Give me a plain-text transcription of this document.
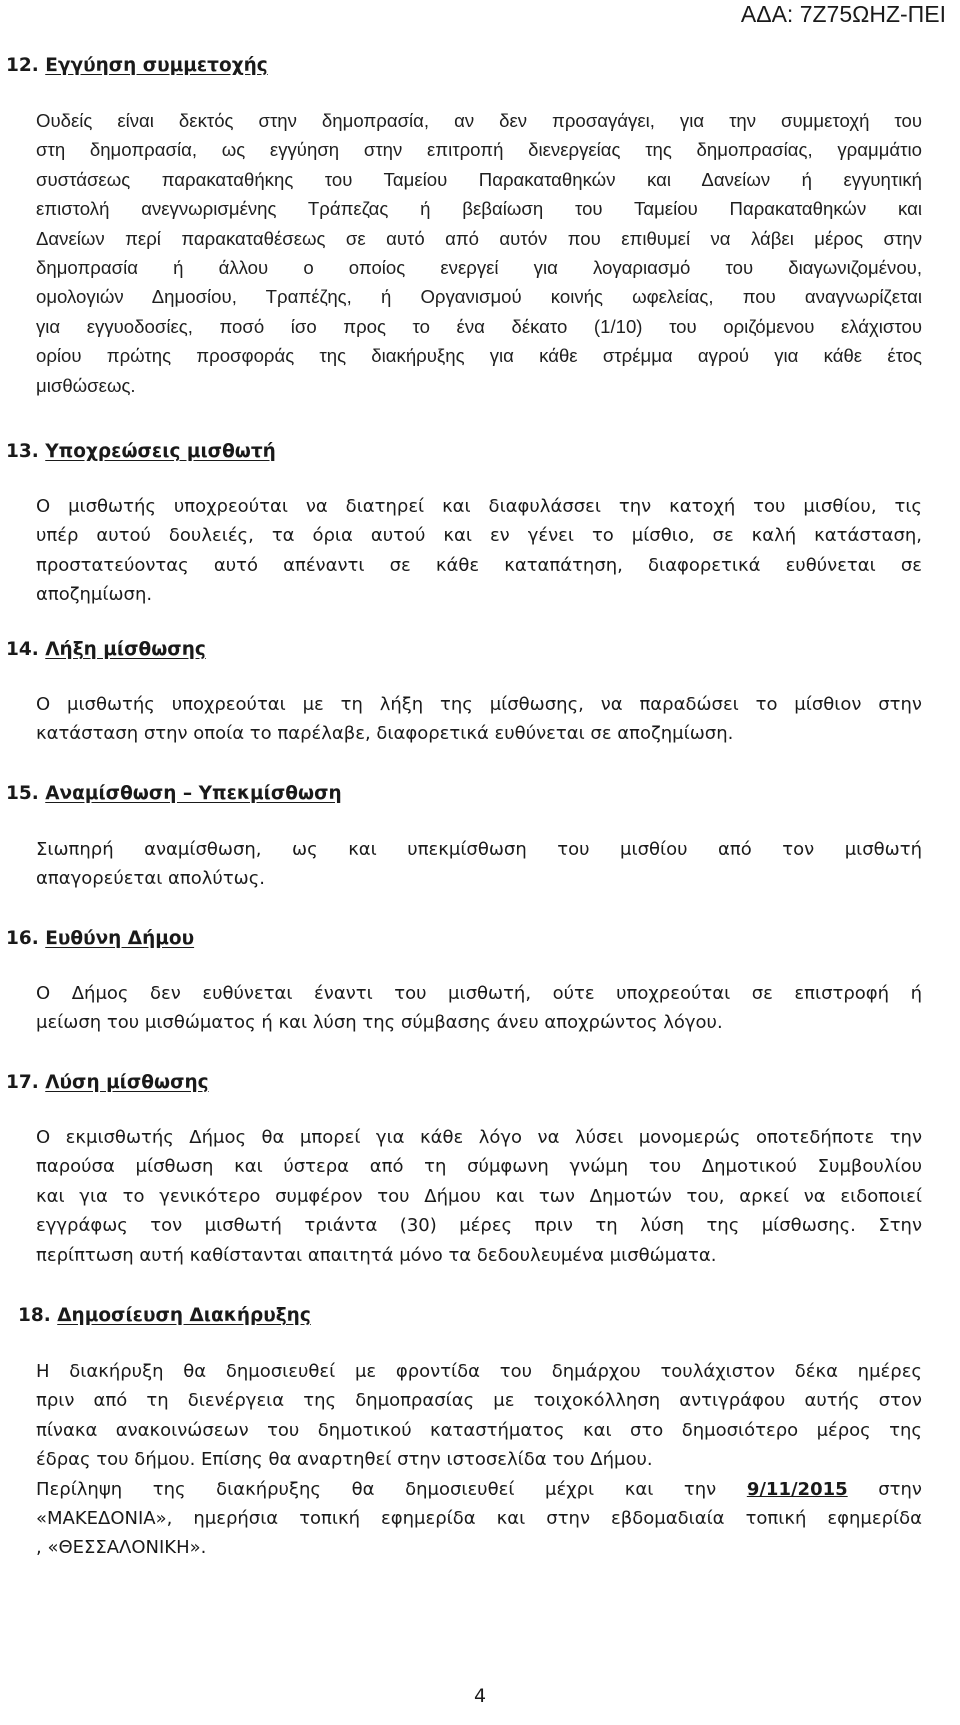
ΑΔΑ: 7Ζ75ΩΗΖ-ΠΕΙ
12. Εγγύηση συμμετοχής
Ουδείς είναι δεκτός στην δημοπρασία, αν δεν προσαγάγει, για την συμμετοχή του
στη δημοπρασία, ως εγγύηση στην επιτροπή διενεργείας της δημοπρασίας, γραμμάτιο
συστάσεως παρακαταθήκης του Ταμείου Παρακαταθηκών και Δανείων ή εγγυητική
επιστολή ανεγνωρισμένης Τράπεζας ή βεβαίωση του Ταμείου Παρακαταθηκών και
Δανείων περί παρακαταθέσεως σε αυτό από αυτόν που επιθυμεί να λάβει μέρος στην
δημοπρασία ή άλλου ο οποίος ενεργεί για λογαριασμό του διαγωνιζομένου,
ομολογιών Δημοσίου, Τραπέζης, ή Οργανισμού κοινής ωφελείας, που αναγνωρίζεται
για εγγυοδοσίες, ποσό ίσο προς το ένα δέκατο (1/10) του οριζόμενου ελάχιστου
ορίου πρώτης προσφοράς της διακήρυξης για κάθε στρέμμα αγρού για κάθε έτος
μισθώσεως.
13. Υποχρεώσεις μισθωτή
Ο μισθωτής υποχρεούται να διατηρεί και διαφυλάσσει την κατοχή του μισθίου, τις
υπέρ αυτού δουλειές, τα όρια αυτού και εν γένει το μίσθιο, σε καλή κατάσταση,
προστατεύοντας αυτό απέναντι σε κάθε καταπάτηση, διαφορετικά ευθύνεται σε
αποζημίωση.
14. Λήξη μίσθωσης
Ο μισθωτής υποχρεούται με τη λήξη της μίσθωσης, να παραδώσει το μίσθιον στην
κατάσταση στην οποία το παρέλαβε, διαφορετικά ευθύνεται σε αποζημίωση.
15. Αναμίσθωση – Υπεκμίσθωση
Σιωπηρή αναμίσθωση, ως και υπεκμίσθωση του μισθίου από τον μισθωτή
απαγορεύεται απολύτως.
16. Ευθύνη Δήμου
Ο Δήμος δεν ευθύνεται έναντι του μισθωτή, ούτε υποχρεούται σε επιστροφή ή
μείωση του μισθώματος ή και λύση της σύμβασης άνευ αποχρώντος λόγου.
17. Λύση μίσθωσης
Ο εκμισθωτής Δήμος θα μπορεί για κάθε λόγο να λύσει μονομερώς οποτεδήποτε την
παρούσα μίσθωση και ύστερα από τη σύμφωνη γνώμη του Δημοτικού Συμβουλίου
και για το γενικότερο συμφέρον του Δήμου και των Δημοτών του, αρκεί να ειδοποιεί
εγγράφως τον μισθωτή τριάντα (30) μέρες πριν τη λύση της μίσθωσης. Στην
περίπτωση αυτή καθίστανται απαιτητά μόνο τα δεδουλευμένα μισθώματα.
18. Δημοσίευση Διακήρυξης
Η διακήρυξη θα δημοσιευθεί με φροντίδα του δημάρχου τουλάχιστον δέκα ημέρες
πριν από τη διενέργεια της δημοπρασίας με τοιχοκόλληση αντιγράφου αυτής στον
πίνακα ανακοινώσεων του δημοτικού καταστήματος και στο δημοσιότερο μέρος της
έδρας του δήμου. Επίσης θα αναρτηθεί στην ιστοσελίδα του Δήμου.
Περίληψη της διακήρυξης θα δημοσιευθεί μέχρι και την 9/11/2015 στην
«ΜΑΚΕΔΟΝΙΑ», ημερήσια τοπική εφημερίδα και στην εβδομαδιαία τοπική εφημερίδα
, «ΘΕΣΣΑΛΟΝΙΚΗ».
4
